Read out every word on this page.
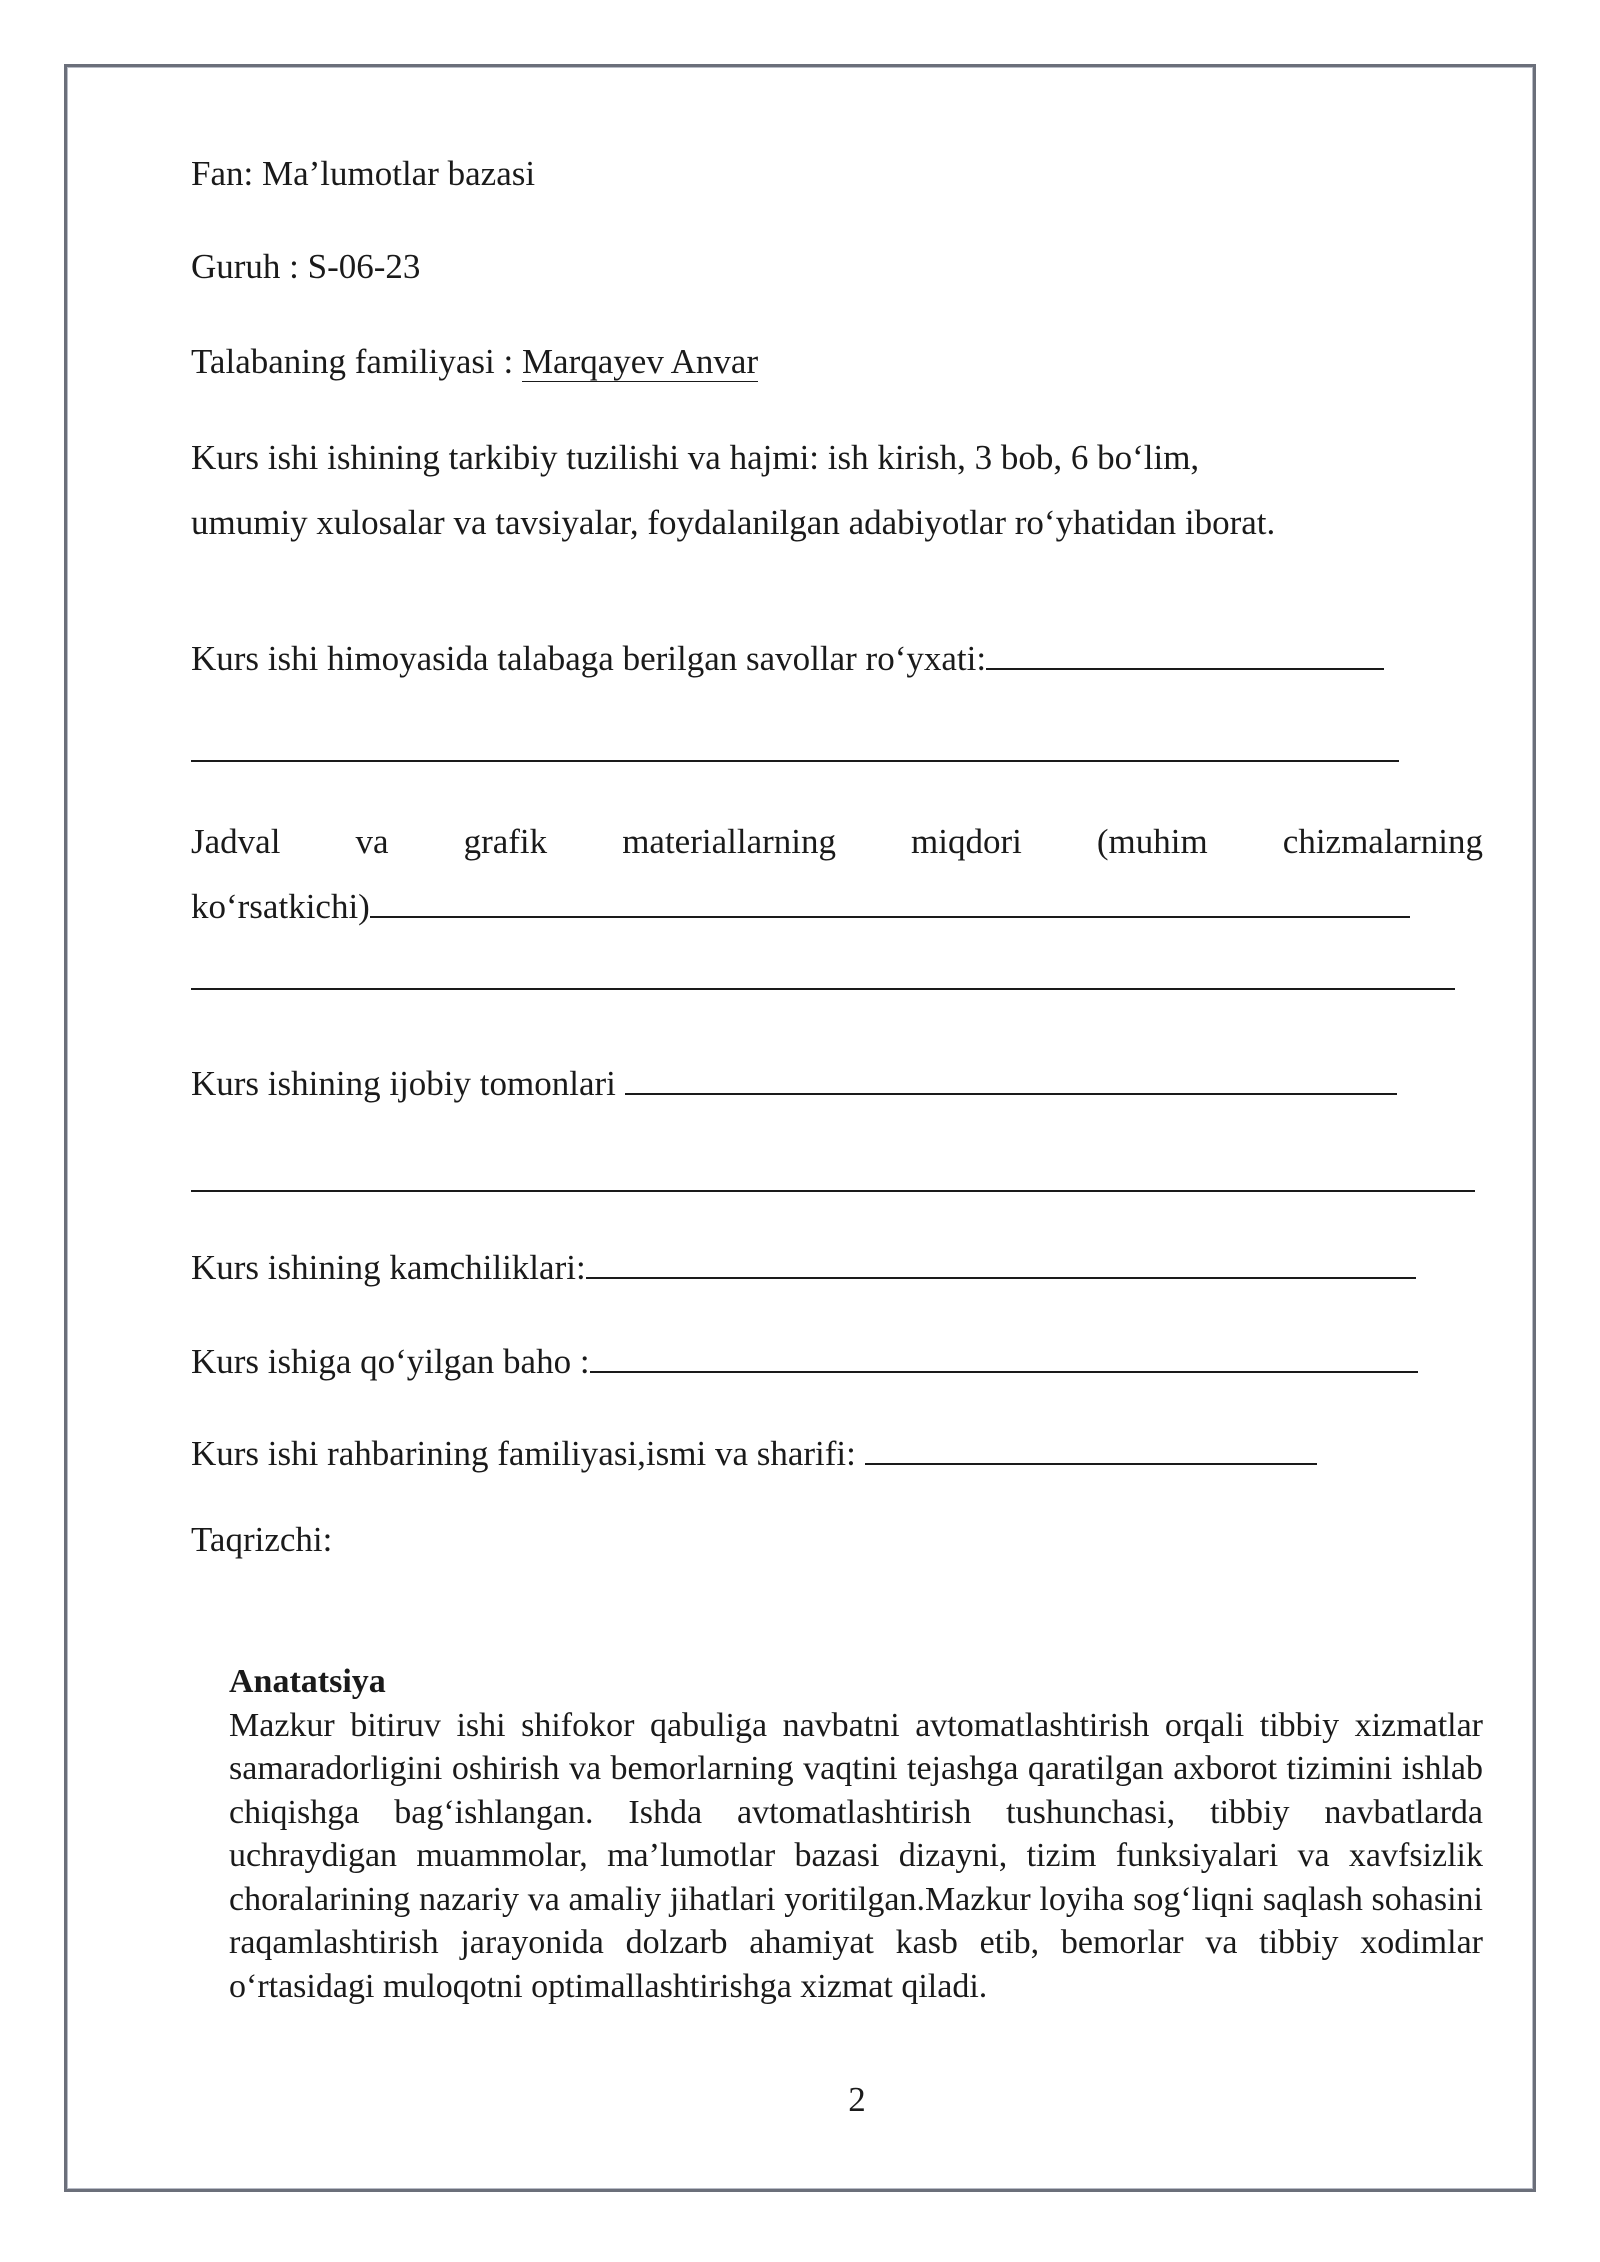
Fan: Ma’lumotlar bazasi
Guruh : S-06-23
Talabaning familiyasi : Marqayev Anvar
Kurs ishi ishining tarkibiy tuzilishi va hajmi: ish kirish, 3 bob, 6 bo‘lim,
umumiy xulosalar va tavsiyalar, foydalanilgan adabiyotlar ro‘yhatidan iborat.
Kurs ishi himoyasida talabaga berilgan savollar ro‘yxati:
Jadval va grafik materiallarning miqdori (muhim chizmalarning
ko‘rsatkichi)
Kurs ishining ijobiy tomonlari
Kurs ishining kamchiliklari:
Kurs ishiga qo‘yilgan baho :
Kurs ishi rahbarining familiyasi,ismi va sharifi:
Taqrizchi:
Anatatsiya
Mazkur bitiruv ishi shifokor qabuliga navbatni avtomatlashtirish orqali tibbiy xizmatlar samaradorligini oshirish va bemorlarning vaqtini tejashga qaratilgan axborot tizimini ishlab chiqishga bag‘ishlangan. Ishda avtomatlashtirish tushunchasi, tibbiy navbatlarda uchraydigan muammolar, ma’lumotlar bazasi dizayni, tizim funksiyalari va xavfsizlik choralarining nazariy va amaliy jihatlari yoritilgan.Mazkur loyiha sog‘liqni saqlash sohasini raqamlashtirish jarayonida dolzarb ahamiyat kasb etib, bemorlar va tibbiy xodimlar o‘rtasidagi muloqotni optimallashtirishga xizmat qiladi.
2
